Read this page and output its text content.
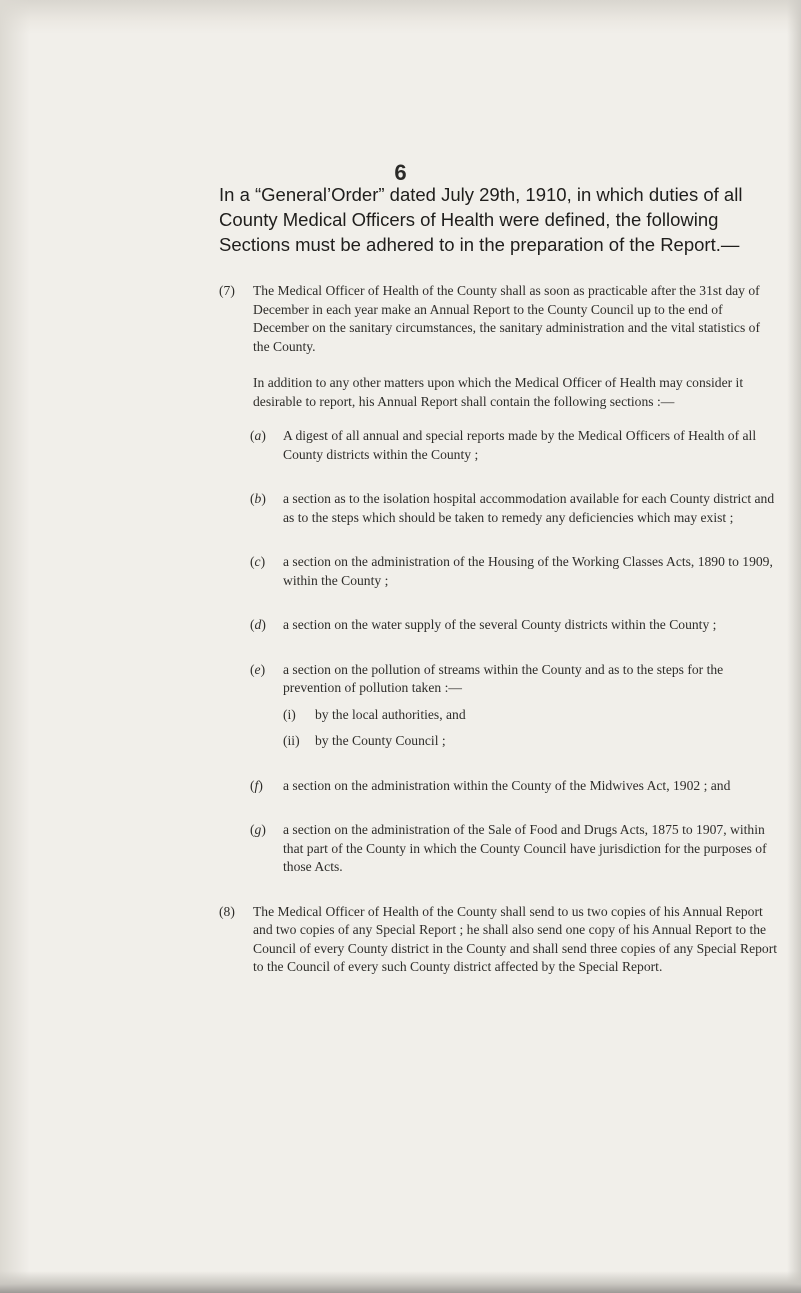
6

In a “General’Order” dated July 29th, 1910, in which duties of all County Medical Officers of Health were defined, the following Sections must be adhered to in the preparation of the Report.—

(7) The Medical Officer of Health of the County shall as soon as practicable after the 31st day of December in each year make an Annual Report to the County Council up to the end of December on the sanitary circumstances, the sanitary administration and the vital statistics of the County.
In addition to any other matters upon which the Medical Officer of Health may consider it desirable to report, his Annual Report shall contain the following sections :—
(a) A digest of all annual and special reports made by the Medical Officers of Health of all County districts within the County ;
(b) a section as to the isolation hospital accommodation available for each County district and as to the steps which should be taken to remedy any deficiencies which may exist ;
(c) a section on the administration of the Housing of the Working Classes Acts, 1890 to 1909, within the County ;
(d) a section on the water supply of the several County districts within the County ;
(e) a section on the pollution of streams within the County and as to the steps for the prevention of pollution taken :—
(i) by the local authorities, and
(ii) by the County Council ;
(f) a section on the administration within the County of the Midwives Act, 1902 ; and
(g) a section on the administration of the Sale of Food and Drugs Acts, 1875 to 1907, within that part of the County in which the County Council have jurisdiction for the purposes of those Acts.
(8) The Medical Officer of Health of the County shall send to us two copies of his Annual Report and two copies of any Special Report ; he shall also send one copy of his Annual Report to the Council of every County district in the County and shall send three copies of any Special Report to the Council of every such County district affected by the Special Report.
